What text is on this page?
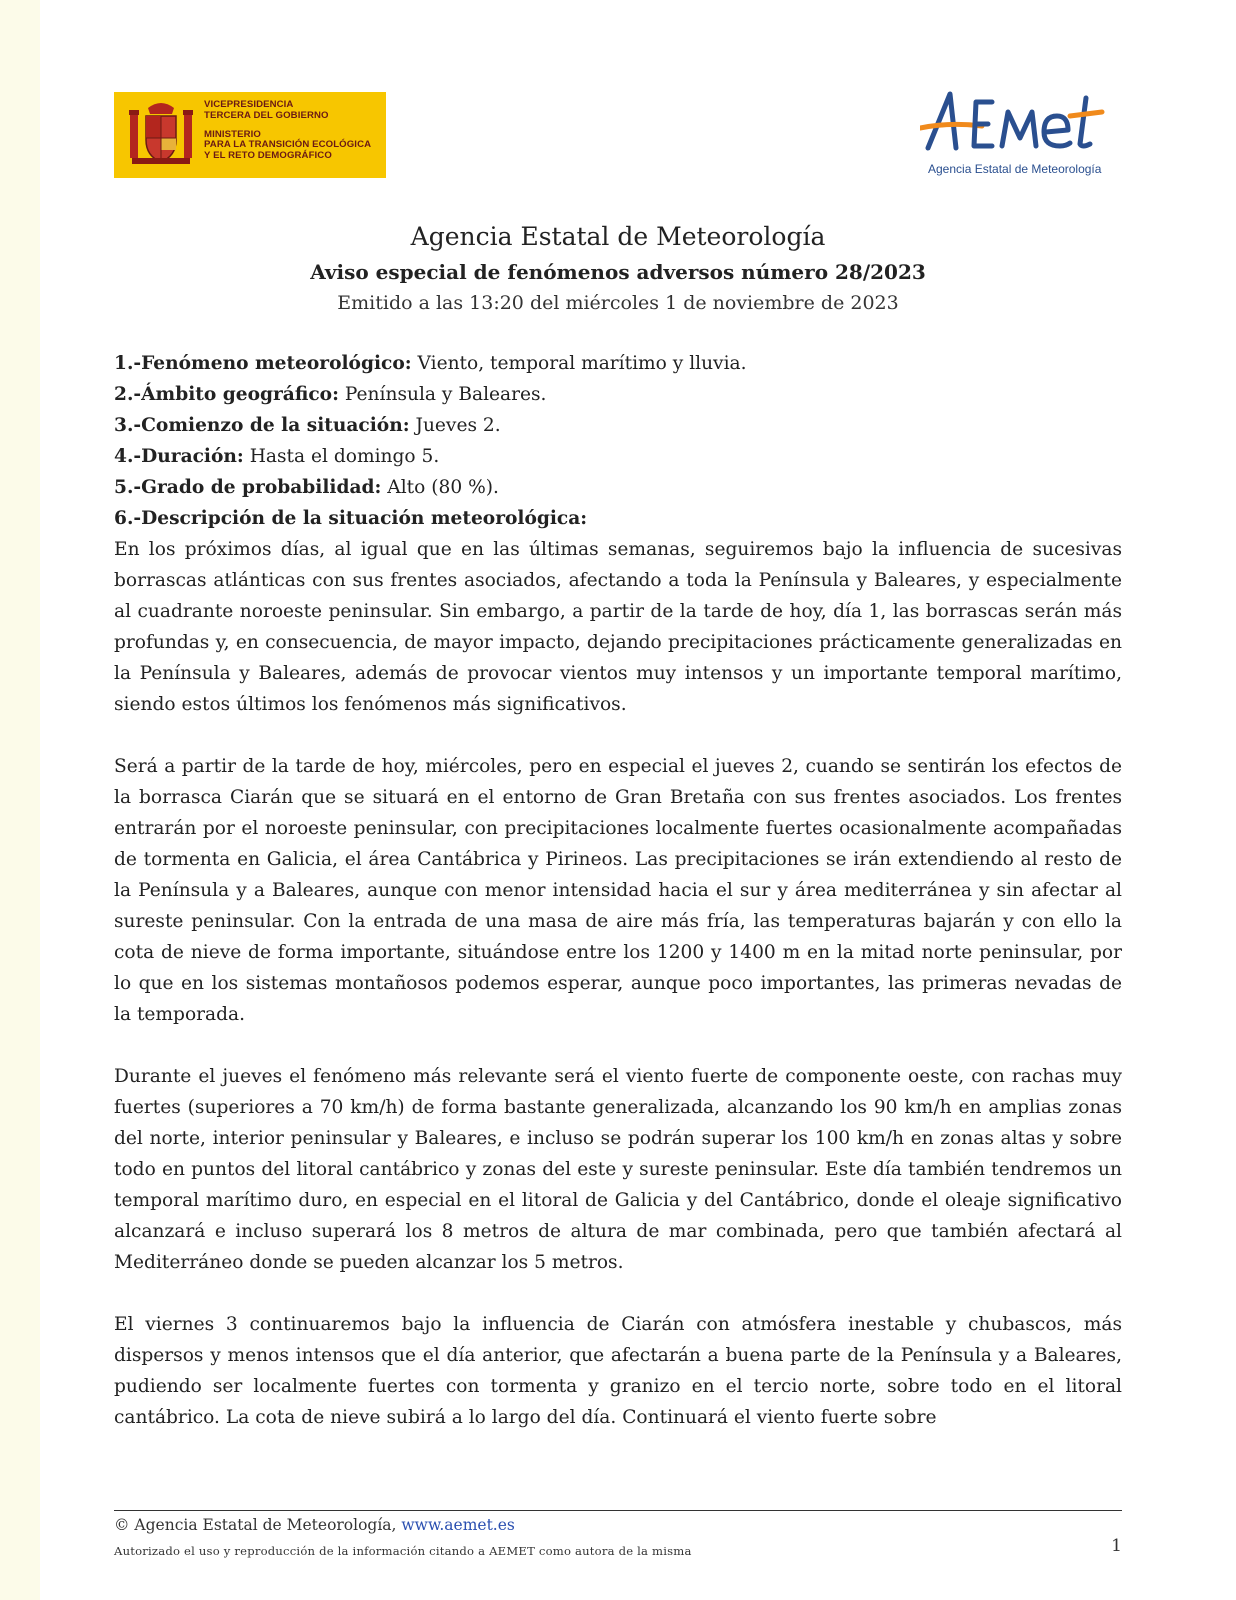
VICEPRESIDENCIA
TERCERA DEL GOBIERNO
MINISTERIO
PARA LA TRANSICIÓN ECOLÓGICA
Y EL RETO DEMOGRÁFICO
Agencia Estatal de Meteorología
Agencia Estatal de Meteorología
Aviso especial de fenómenos adversos número 28/2023
Emitido a las 13:20 del miércoles 1 de noviembre de 2023
1.-Fenómeno meteorológico: Viento, temporal marítimo y lluvia.
2.-Ámbito geográfico: Península y Baleares.
3.-Comienzo de la situación: Jueves 2.
4.-Duración: Hasta el domingo 5.
5.-Grado de probabilidad: Alto (80 %).
6.-Descripción de la situación meteorológica:

En los próximos días, al igual que en las últimas semanas, seguiremos bajo la influencia de sucesivas borrascas atlánticas con sus frentes asociados, afectando a toda la Península y Baleares, y especialmente al cuadrante noroeste peninsular. Sin embargo, a partir de la tarde de hoy, día 1, las borrascas serán más profundas y, en consecuencia, de mayor impacto, dejando precipitaciones prácticamente generalizadas en la Península y Baleares, además de provocar vientos muy intensos y un importante temporal marítimo, siendo estos últimos los fenómenos más significativos.

Será a partir de la tarde de hoy, miércoles, pero en especial el jueves 2, cuando se sentirán los efectos de la borrasca Ciarán que se situará en el entorno de Gran Bretaña con sus frentes asociados. Los frentes entrarán por el noroeste peninsular, con precipitaciones localmente fuertes ocasionalmente acompañadas de tormenta en Galicia, el área Cantábrica y Pirineos. Las precipitaciones se irán extendiendo al resto de la Península y a Baleares, aunque con menor intensidad hacia el sur y área mediterránea y sin afectar al sureste peninsular. Con la entrada de una masa de aire más fría, las temperaturas bajarán y con ello la cota de nieve de forma importante, situándose entre los 1200 y 1400 m en la mitad norte peninsular, por lo que en los sistemas montañosos podemos esperar, aunque poco importantes, las primeras nevadas de la temporada.

Durante el jueves el fenómeno más relevante será el viento fuerte de componente oeste, con rachas muy fuertes (superiores a 70 km/h) de forma bastante generalizada, alcanzando los 90 km/h en amplias zonas del norte, interior peninsular y Baleares, e incluso se podrán superar los 100 km/h en zonas altas y sobre todo en puntos del litoral cantábrico y zonas del este y sureste peninsular. Este día también tendremos un temporal marítimo duro, en especial en el litoral de Galicia y del Cantábrico, donde el oleaje significativo alcanzará e incluso superará los 8 metros de altura de mar combinada, pero que también afectará al Mediterráneo donde se pueden alcanzar los 5 metros.

El viernes 3 continuaremos bajo la influencia de Ciarán con atmósfera inestable y chubascos, más dispersos y menos intensos que el día anterior, que afectarán a buena parte de la Península y a Baleares, pudiendo ser localmente fuertes con tormenta y granizo en el tercio norte, sobre todo en el litoral cantábrico. La cota de nieve subirá a lo largo del día. Continuará el viento fuerte sobre

© Agencia Estatal de Meteorología, www.aemet.es
Autorizado el uso y reproducción de la información citando a AEMET como autora de la misma	1
